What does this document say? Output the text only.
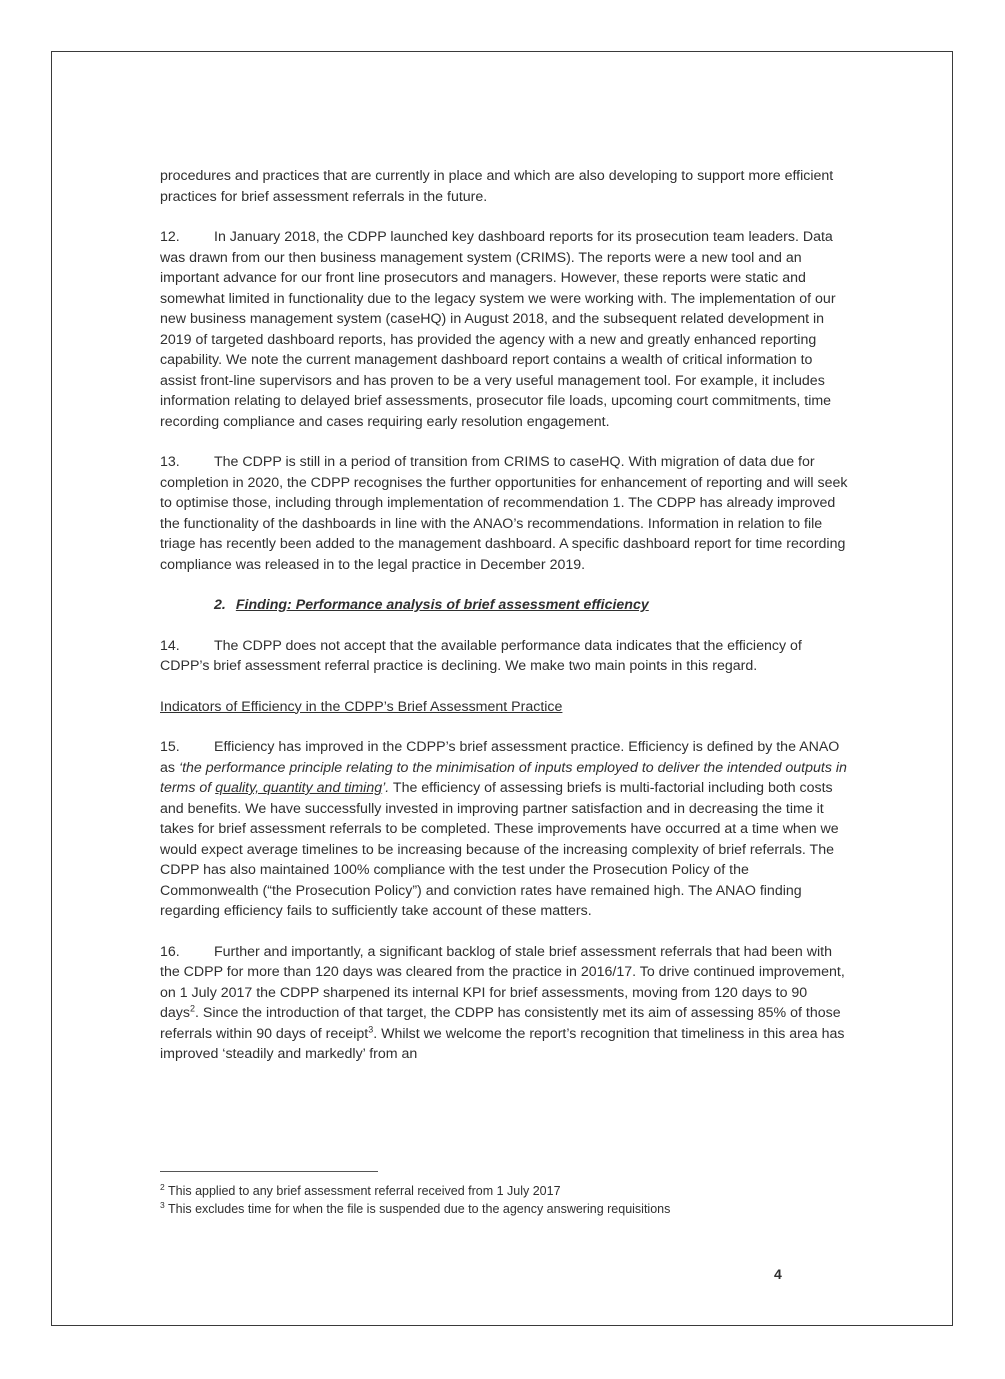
procedures and practices that are currently in place and which are also developing to support more efficient practices for brief assessment referrals in the future.

12. In January 2018, the CDPP launched key dashboard reports for its prosecution team leaders. Data was drawn from our then business management system (CRIMS). The reports were a new tool and an important advance for our front line prosecutors and managers. However, these reports were static and somewhat limited in functionality due to the legacy system we were working with. The implementation of our new business management system (caseHQ) in August 2018, and the subsequent related development in 2019 of targeted dashboard reports, has provided the agency with a new and greatly enhanced reporting capability. We note the current management dashboard report contains a wealth of critical information to assist front-line supervisors and has proven to be a very useful management tool. For example, it includes information relating to delayed brief assessments, prosecutor file loads, upcoming court commitments, time recording compliance and cases requiring early resolution engagement.

13. The CDPP is still in a period of transition from CRIMS to caseHQ. With migration of data due for completion in 2020, the CDPP recognises the further opportunities for enhancement of reporting and will seek to optimise those, including through implementation of recommendation 1. The CDPP has already improved the functionality of the dashboards in line with the ANAO’s recommendations. Information in relation to file triage has recently been added to the management dashboard. A specific dashboard report for time recording compliance was released in to the legal practice in December 2019.

2. Finding: Performance analysis of brief assessment efficiency

14. The CDPP does not accept that the available performance data indicates that the efficiency of CDPP’s brief assessment referral practice is declining. We make two main points in this regard.

Indicators of Efficiency in the CDPP’s Brief Assessment Practice

15. Efficiency has improved in the CDPP’s brief assessment practice. Efficiency is defined by the ANAO as ‘the performance principle relating to the minimisation of inputs employed to deliver the intended outputs in terms of quality, quantity and timing’. The efficiency of assessing briefs is multi-factorial including both costs and benefits. We have successfully invested in improving partner satisfaction and in decreasing the time it takes for brief assessment referrals to be completed. These improvements have occurred at a time when we would expect average timelines to be increasing because of the increasing complexity of brief referrals. The CDPP has also maintained 100% compliance with the test under the Prosecution Policy of the Commonwealth (“the Prosecution Policy”) and conviction rates have remained high. The ANAO finding regarding efficiency fails to sufficiently take account of these matters.

16. Further and importantly, a significant backlog of stale brief assessment referrals that had been with the CDPP for more than 120 days was cleared from the practice in 2016/17. To drive continued improvement, on 1 July 2017 the CDPP sharpened its internal KPI for brief assessments, moving from 120 days to 90 days$^2$. Since the introduction of that target, the CDPP has consistently met its aim of assessing 85% of those referrals within 90 days of receipt$^3$. Whilst we welcome the report’s recognition that timeliness in this area has improved ‘steadily and markedly’ from an

$^2$ This applied to any brief assessment referral received from 1 July 2017

$^3$ This excludes time for when the file is suspended due to the agency answering requisitions

4
